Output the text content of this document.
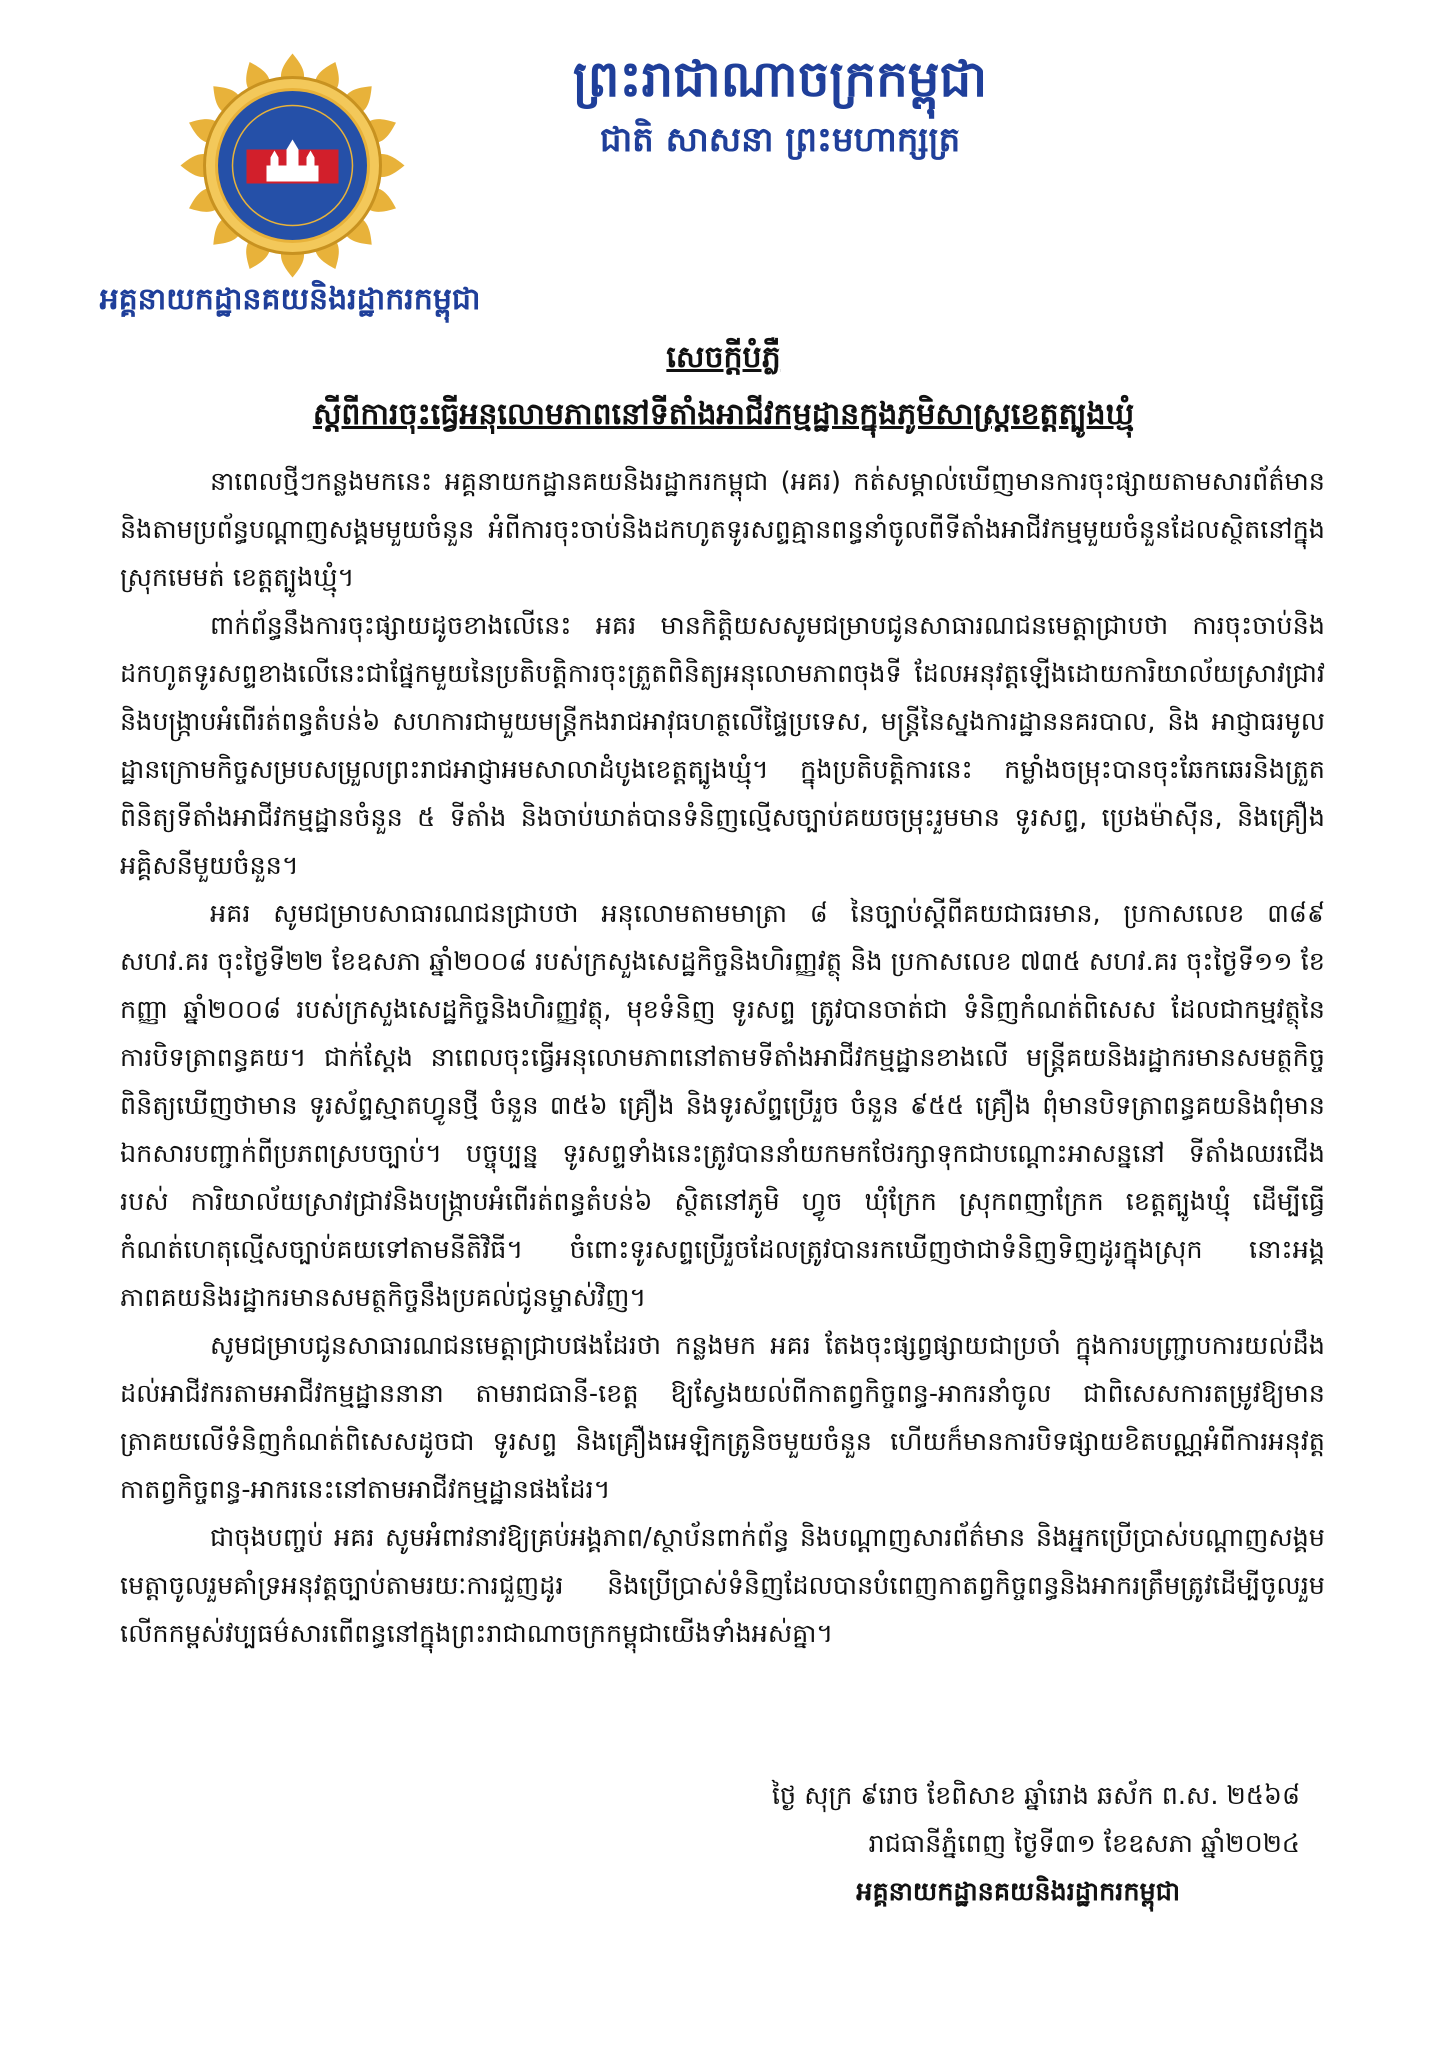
អគ្គនាយកដ្ឋានគយនិងរដ្ឋាករកម្ពុជា
ព្រះរាជាណាចក្រកម្ពុជា
ជាតិ សាសនា ព្រះមហាក្សត្រ
សេចក្តីបំភ្លឺ
ស្តីពីការចុះធ្វើអនុលោមភាពនៅទីតាំងអាជីវកម្មដ្ឋានក្នុងភូមិសាស្ត្រខេត្តត្បូងឃ្មុំ

នាពេលថ្មីៗកន្លងមកនេះ អគ្គនាយកដ្ឋានគយនិងរដ្ឋាករកម្ពុជា (អគរ) កត់សម្គាល់ឃើញមានការចុះផ្សាយតាមសារព័ត៌មាន និងតាមប្រព័ន្ធបណ្តាញសង្គមមួយចំនួន អំពីការចុះចាប់និងដកហូតទូរសព្ទគ្មានពន្ធនាំចូលពីទីតាំងអាជីវកម្មមួយចំនួនដែលស្ថិតនៅក្នុងស្រុកមេមត់ ខេត្តត្បូងឃ្មុំ។

ពាក់ព័ន្ធនឹងការចុះផ្សាយដូចខាងលើនេះ អគរ មានកិត្តិយសសូមជម្រាបជូនសាធារណជនមេត្តាជ្រាបថា ការចុះចាប់និងដកហូតទូរសព្ទខាងលើនេះជាផ្នែកមួយនៃប្រតិបត្តិការចុះត្រួតពិនិត្យអនុលោមភាពចុងទី ដែលអនុវត្តឡើងដោយការិយាល័យស្រាវជ្រាវនិងបង្ក្រាបអំពើរត់ពន្ធតំបន់៦ សហការជាមួយមន្ត្រីកងរាជអាវុធហត្ថលើផ្ទៃប្រទេស, មន្ត្រីនៃស្នងការដ្ឋាននគរបាល, និង អាជ្ញាធរមូលដ្ឋានក្រោមកិច្ចសម្របសម្រួលព្រះរាជអាជ្ញាអមសាលាដំបូងខេត្តត្បូងឃ្មុំ។ ក្នុងប្រតិបត្តិការនេះ កម្លាំងចម្រុះបានចុះឆែកឆេរនិងត្រួតពិនិត្យទីតាំងអាជីវកម្មដ្ឋានចំនួន ៥ ទីតាំង និងចាប់ឃាត់បានទំនិញល្មើសច្បាប់គយចម្រុះរួមមាន ទូរសព្ទ, ប្រេងម៉ាស៊ីន, និងគ្រឿងអគ្គិសនីមួយចំនួន។

អគរ សូមជម្រាបសាធារណជនជ្រាបថា អនុលោមតាមមាត្រា ៨ នៃច្បាប់ស្តីពីគយជាធរមាន, ប្រកាសលេខ ៣៨៩ សហវ.គរ ចុះថ្ងៃទី២២ ខែឧសភា ឆ្នាំ២០០៨ របស់ក្រសួងសេដ្ឋកិច្ចនិងហិរញ្ញវត្ថុ និង ប្រកាសលេខ ៧៣៥ សហវ.គរ ចុះថ្ងៃទី១១ ខែកញ្ញា ឆ្នាំ២០០៨ របស់ក្រសួងសេដ្ឋកិច្ចនិងហិរញ្ញវត្ថុ, មុខទំនិញ ទូរសព្ទ ត្រូវបានចាត់ជា ទំនិញកំណត់ពិសេស ដែលជាកម្មវត្ថុនៃការបិទត្រាពន្ធគយ។ ជាក់ស្តែង នាពេលចុះធ្វើអនុលោមភាពនៅតាមទីតាំងអាជីវកម្មដ្ឋានខាងលើ មន្ត្រីគយនិងរដ្ឋាករមានសមត្ថកិច្ចពិនិត្យឃើញថាមាន ទូរស័ព្ទស្មាតហ្វូនថ្មី ចំនួន ៣៥៦ គ្រឿង និងទូរស័ព្ទប្រើរួច ចំនួន ៩៥៥ គ្រឿង ពុំមានបិទត្រាពន្ធគយនិងពុំមានឯកសារបញ្ជាក់ពីប្រភពស្របច្បាប់។ បច្ចុប្បន្ន ទូរសព្ទទាំងនេះត្រូវបាននាំយកមកថែរក្សាទុកជាបណ្តោះអាសន្ននៅ ទីតាំងឈរជើងរបស់ ការិយាល័យស្រាវជ្រាវនិងបង្ក្រាបអំពើរត់ពន្ធតំបន់៦ ស្ថិតនៅភូមិ ហ្វូច ឃុំក្រែក ស្រុកពញាក្រែក ខេត្តត្បូងឃ្មុំ ដើម្បីធ្វើកំណត់ហេតុល្មើសច្បាប់គយទៅតាមនីតិវិធី។ ចំពោះទូរសព្ទប្រើរួចដែលត្រូវបានរកឃើញថាជាទំនិញទិញដូរក្នុងស្រុក នោះអង្គភាពគយនិងរដ្ឋាករមានសមត្ថកិច្ចនឹងប្រគល់ជូនម្ចាស់វិញ។

សូមជម្រាបជូនសាធារណជនមេត្តាជ្រាបផងដែរថា កន្លងមក អគរ តែងចុះផ្សព្វផ្សាយជាប្រចាំ ក្នុងការបញ្ជ្រាបការយល់ដឹងដល់អាជីវករតាមអាជីវកម្មដ្ឋាននានា តាមរាជធានី-ខេត្ត ឱ្យស្វែងយល់ពីកាតព្វកិច្ចពន្ធ-អាករនាំចូល ជាពិសេសការតម្រូវឱ្យមានត្រាគយលើទំនិញកំណត់ពិសេសដូចជា ទូរសព្ទ និងគ្រឿងអេឡិកត្រូនិចមួយចំនួន ហើយក៏មានការបិទផ្សាយខិតបណ្ណអំពីការអនុវត្តកាតព្វកិច្ចពន្ធ-អាករនេះនៅតាមអាជីវកម្មដ្ឋានផងដែរ។

ជាចុងបញ្ចប់ អគរ សូមអំពាវនាវឱ្យគ្រប់អង្គភាព/ស្ថាប័នពាក់ព័ន្ធ និងបណ្តាញសារព័ត៌មាន និងអ្នកប្រើប្រាស់បណ្តាញសង្គមមេត្តាចូលរួមគាំទ្រអនុវត្តច្បាប់តាមរយៈការជួញដូរ និងប្រើប្រាស់ទំនិញដែលបានបំពេញកាតព្វកិច្ចពន្ធនិងអាករត្រឹមត្រូវដើម្បីចូលរួមលើកកម្ពស់វប្បធម៌សារពើពន្ធនៅក្នុងព្រះរាជាណាចក្រកម្ពុជាយើងទាំងអស់គ្នា។

ថ្ងៃ សុក្រ ៩រោច ខែពិសាខ ឆ្នាំរោង ឆស័ក ព.ស. ២៥៦៨
រាជធានីភ្នំពេញ ថ្ងៃទី៣១ ខែឧសភា ឆ្នាំ២០២៤
អគ្គនាយកដ្ឋានគយនិងរដ្ឋាករកម្ពុជា
